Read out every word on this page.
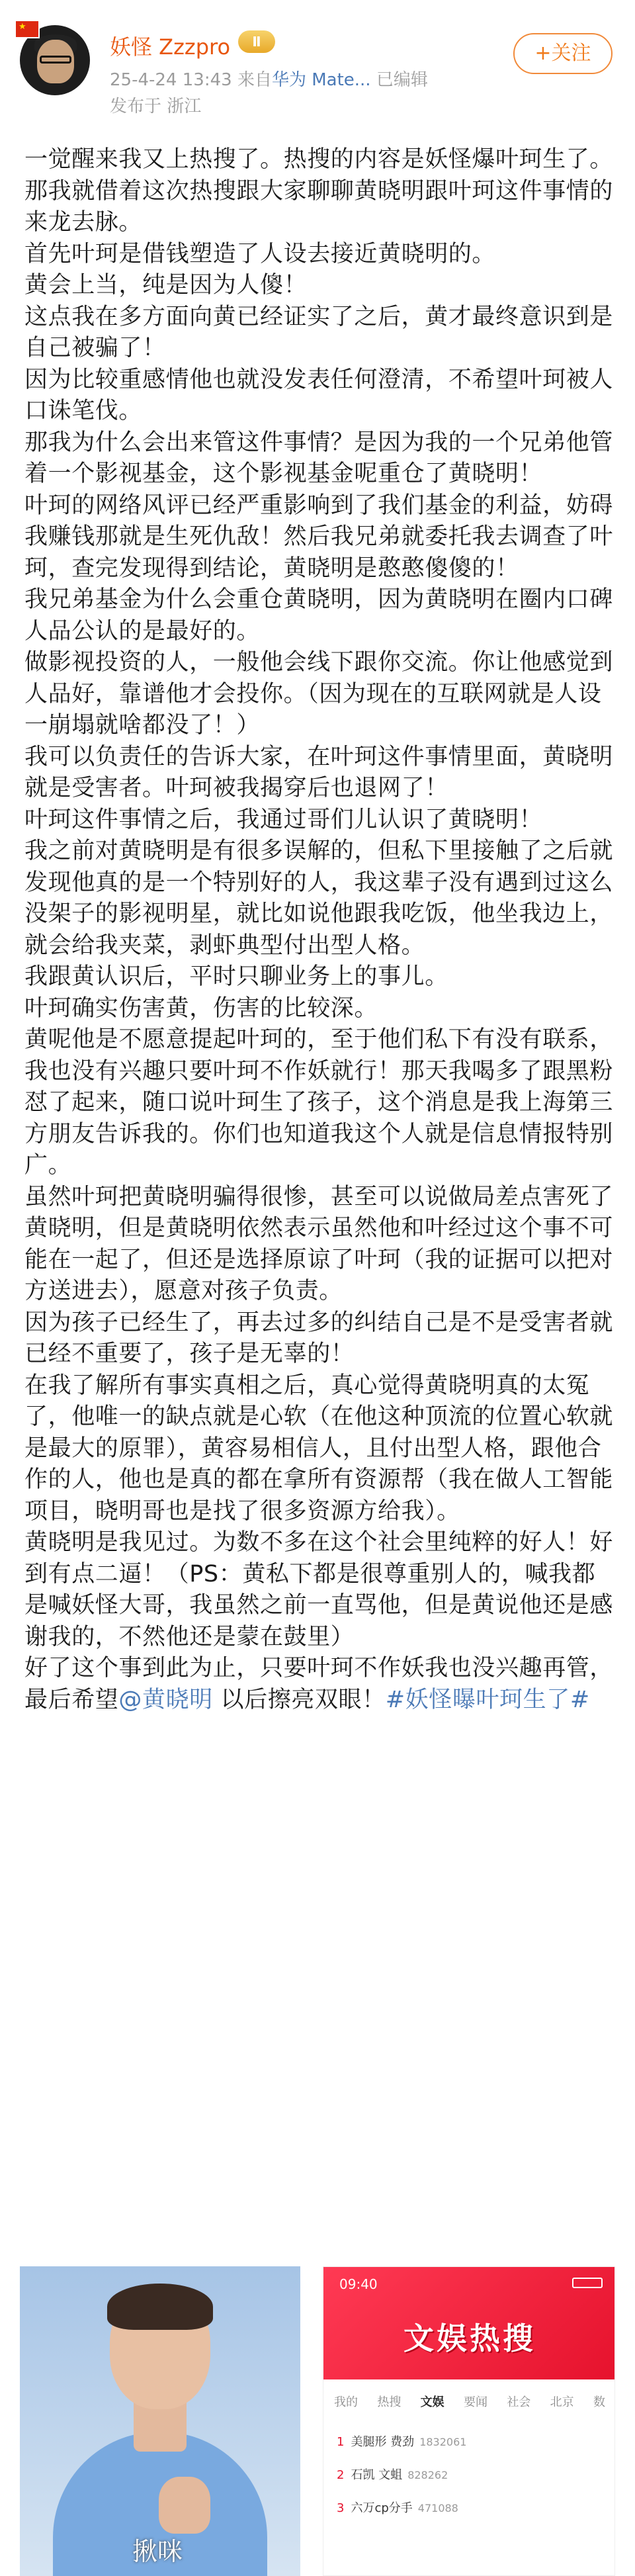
★
妖怪 Zzzpro	Ⅱ
25-4-24 13:43 来自华为 Mate... 已编辑
发布于 浙江
+关注

一觉醒来我又上热搜了。热搜的内容是妖怪爆叶珂生了。那我就借着这次热搜跟大家聊聊黄晓明跟叶珂这件事情的来龙去脉。

首先叶珂是借钱塑造了人设去接近黄晓明的。

黄会上当，纯是因为人傻！

这点我在多方面向黄已经证实了之后，黄才最终意识到是自己被骗了！

因为比较重感情他也就没发表任何澄清，不希望叶珂被人口诛笔伐。

那我为什么会出来管这件事情？是因为我的一个兄弟他管着一个影视基金，这个影视基金呢重仓了黄晓明！

叶珂的网络风评已经严重影响到了我们基金的利益，妨碍我赚钱那就是生死仇敌！然后我兄弟就委托我去调查了叶珂，查完发现得到结论，黄晓明是憨憨傻傻的！

我兄弟基金为什么会重仓黄晓明，因为黄晓明在圈内口碑人品公认的是最好的。

做影视投资的人，一般他会线下跟你交流。你让他感觉到人品好，靠谱他才会投你。（因为现在的互联网就是人设一崩塌就啥都没了！）

我可以负责任的告诉大家，在叶珂这件事情里面，黄晓明就是受害者。叶珂被我揭穿后也退网了！

叶珂这件事情之后，我通过哥们儿认识了黄晓明！

我之前对黄晓明是有很多误解的，但私下里接触了之后就发现他真的是一个特别好的人，我这辈子没有遇到过这么没架子的影视明星，就比如说他跟我吃饭，他坐我边上，就会给我夹菜，剥虾典型付出型人格。

我跟黄认识后，平时只聊业务上的事儿。

叶珂确实伤害黄，伤害的比较深。

黄呢他是不愿意提起叶珂的，至于他们私下有没有联系，我也没有兴趣只要叶珂不作妖就行！那天我喝多了跟黑粉怼了起来，随口说叶珂生了孩子，这个消息是我上海第三方朋友告诉我的。你们也知道我这个人就是信息情报特别广。

虽然叶珂把黄晓明骗得很惨，甚至可以说做局差点害死了黄晓明，但是黄晓明依然表示虽然他和叶经过这个事不可能在一起了，但还是选择原谅了叶珂（我的证据可以把对方送进去），愿意对孩子负责。

因为孩子已经生了，再去过多的纠结自己是不是受害者就已经不重要了，孩子是无辜的！

在我了解所有事实真相之后，真心觉得黄晓明真的太冤了，他唯一的缺点就是心软（在他这种顶流的位置心软就是最大的原罪），黄容易相信人，且付出型人格，跟他合作的人，他也是真的都在拿所有资源帮（我在做人工智能项目，晓明哥也是找了很多资源方给我）。

黄晓明是我见过。为数不多在这个社会里纯粹的好人！好到有点二逼！（PS：黄私下都是很尊重别人的，喊我都是喊妖怪大哥，我虽然之前一直骂他，但是黄说他还是感谢我的，不然他还是蒙在鼓里）

好了这个事到此为止，只要叶珂不作妖我也没兴趣再管，最后希望@黄晓明 以后擦亮双眼！#妖怪曝叶珂生了#

揪咪
09:40
文娱热搜
我的 热搜 文娱 要闻 社会 北京 数
1 美腿形 费劲 1832061
2 石凯 文蛆 828262
3 六万cp分手 471088
